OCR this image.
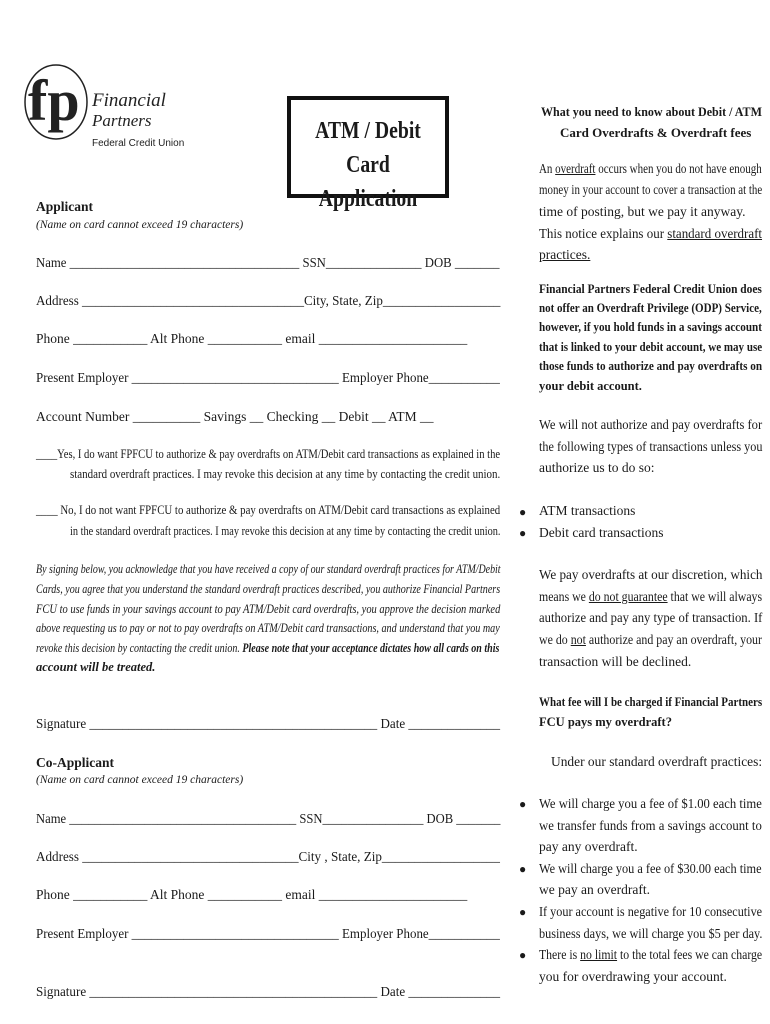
fp Financial
Partners
Federal Credit Union	ATM / Debit Card
Application
Applicant
(Name on card cannot exceed 19 characters)
Name ____________________________________ SSN_______________ DOB _______
Address __________________________________City, State, Zip__________________
Phone ___________ Alt Phone ___________ email ______________________
Present Employer ________________________________ Employer Phone___________
Account Number __________ Savings __ Checking __ Debit __ ATM __
____Yes, I do want FPFCU to authorize & pay overdrafts on ATM/Debit card transactions as explained in the
standard overdraft practices. I may revoke this decision at any time by contacting the credit union.
____ No, I do not want FPFCU to authorize & pay overdrafts on ATM/Debit card transactions as explained
in the standard overdraft practices. I may revoke this decision at any time by contacting the credit union.
By signing below, you acknowledge that you have received a copy of our standard overdraft practices for ATM/Debit
Cards, you agree that you understand the standard overdraft practices described, you authorize Financial Partners
FCU to use funds in your savings account to pay ATM/Debit card overdrafts, you approve the decision marked
above requesting us to pay or not to pay overdrafts on ATM/Debit card transactions, and understand that you may
revoke this decision by contacting the credit union. Please note that your acceptance dictates how all cards on this
account will be treated.
Signature ____________________________________________ Date ______________
Co-Applicant
(Name on card cannot exceed 19 characters)
Name ____________________________________ SSN________________ DOB _______
Address _________________________________City , State, Zip__________________
Phone ___________ Alt Phone ___________ email ______________________
Present Employer ________________________________ Employer Phone___________
Signature ____________________________________________ Date ______________
What you need to know about Debit / ATM
Card Overdrafts & Overdraft fees
An overdraft occurs when you do not have enough
money in your account to cover a transaction at the
time of posting, but we pay it anyway.
This notice explains our standard overdraft
practices.
Financial Partners Federal Credit Union does
not offer an Overdraft Privilege (ODP) Service,
however, if you hold funds in a savings account
that is linked to your debit account, we may use
those funds to authorize and pay overdrafts on
your debit account.
We will not authorize and pay overdrafts for
the following types of transactions unless you
authorize us to do so:
● ATM transactions
● Debit card transactions
We pay overdrafts at our discretion, which
means we do not guarantee that we will always
authorize and pay any type of transaction. If
we do not authorize and pay an overdraft, your
transaction will be declined.
What fee will I be charged if Financial Partners
FCU pays my overdraft?
Under our standard overdraft practices:
● We will charge you a fee of $1.00 each time
we transfer funds from a savings account to
pay any overdraft.
● We will charge you a fee of $30.00 each time
we pay an overdraft.
● If your account is negative for 10 consecutive
business days, we will charge you $5 per day.
● There is no limit to the total fees we can charge
you for overdrawing your account.
